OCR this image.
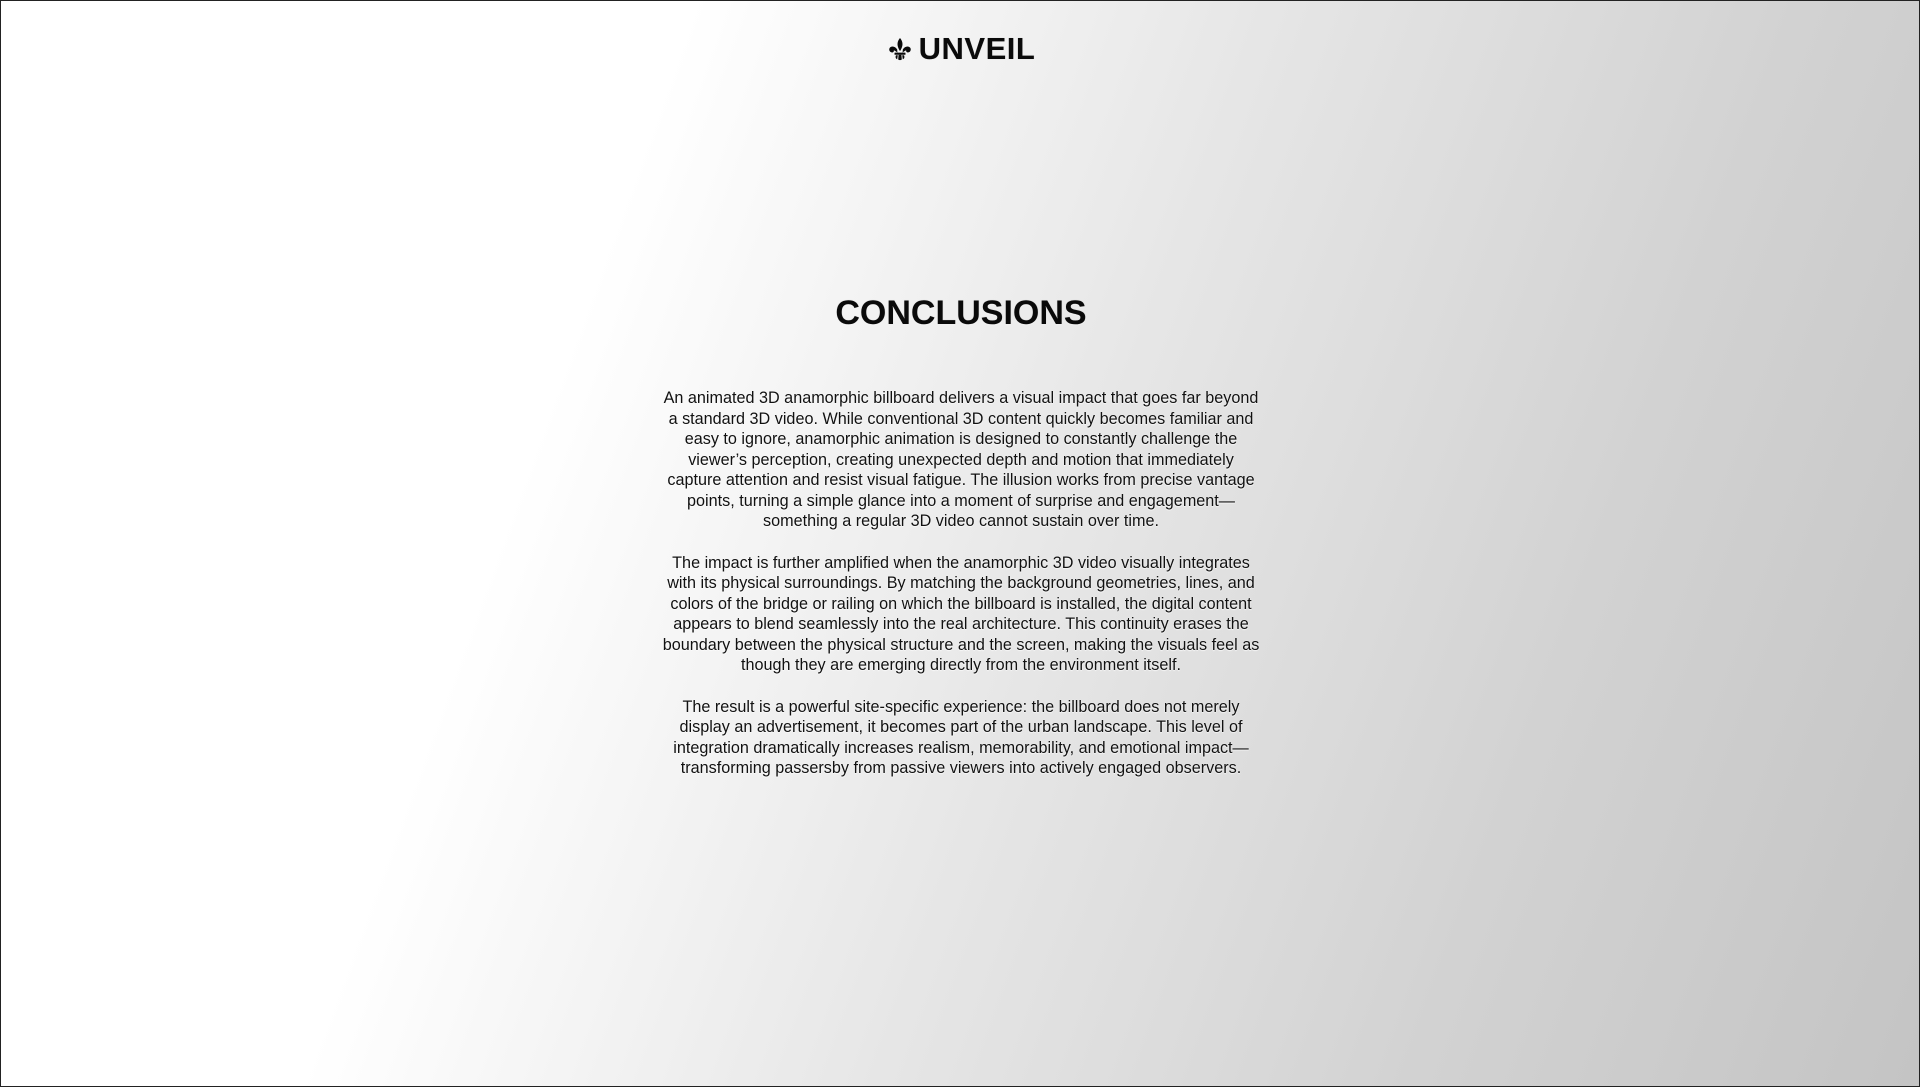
UNVEIL
CONCLUSIONS

An animated 3D anamorphic billboard delivers a visual impact that goes far beyond a standard 3D video. While conventional 3D content quickly becomes familiar and easy to ignore, anamorphic animation is designed to constantly challenge the viewer’s perception, creating unexpected depth and motion that immediately capture attention and resist visual fatigue. The illusion works from precise vantage points, turning a simple glance into a moment of surprise and engagement—something a regular 3D video cannot sustain over time.

The impact is further amplified when the anamorphic 3D video visually integrates with its physical surroundings. By matching the background geometries, lines, and colors of the bridge or railing on which the billboard is installed, the digital content appears to blend seamlessly into the real architecture. This continuity erases the boundary between the physical structure and the screen, making the visuals feel as though they are emerging directly from the environment itself.

The result is a powerful site-specific experience: the billboard does not merely display an advertisement, it becomes part of the urban landscape. This level of integration dramatically increases realism, memorability, and emotional impact—transforming passersby from passive viewers into actively engaged observers.
